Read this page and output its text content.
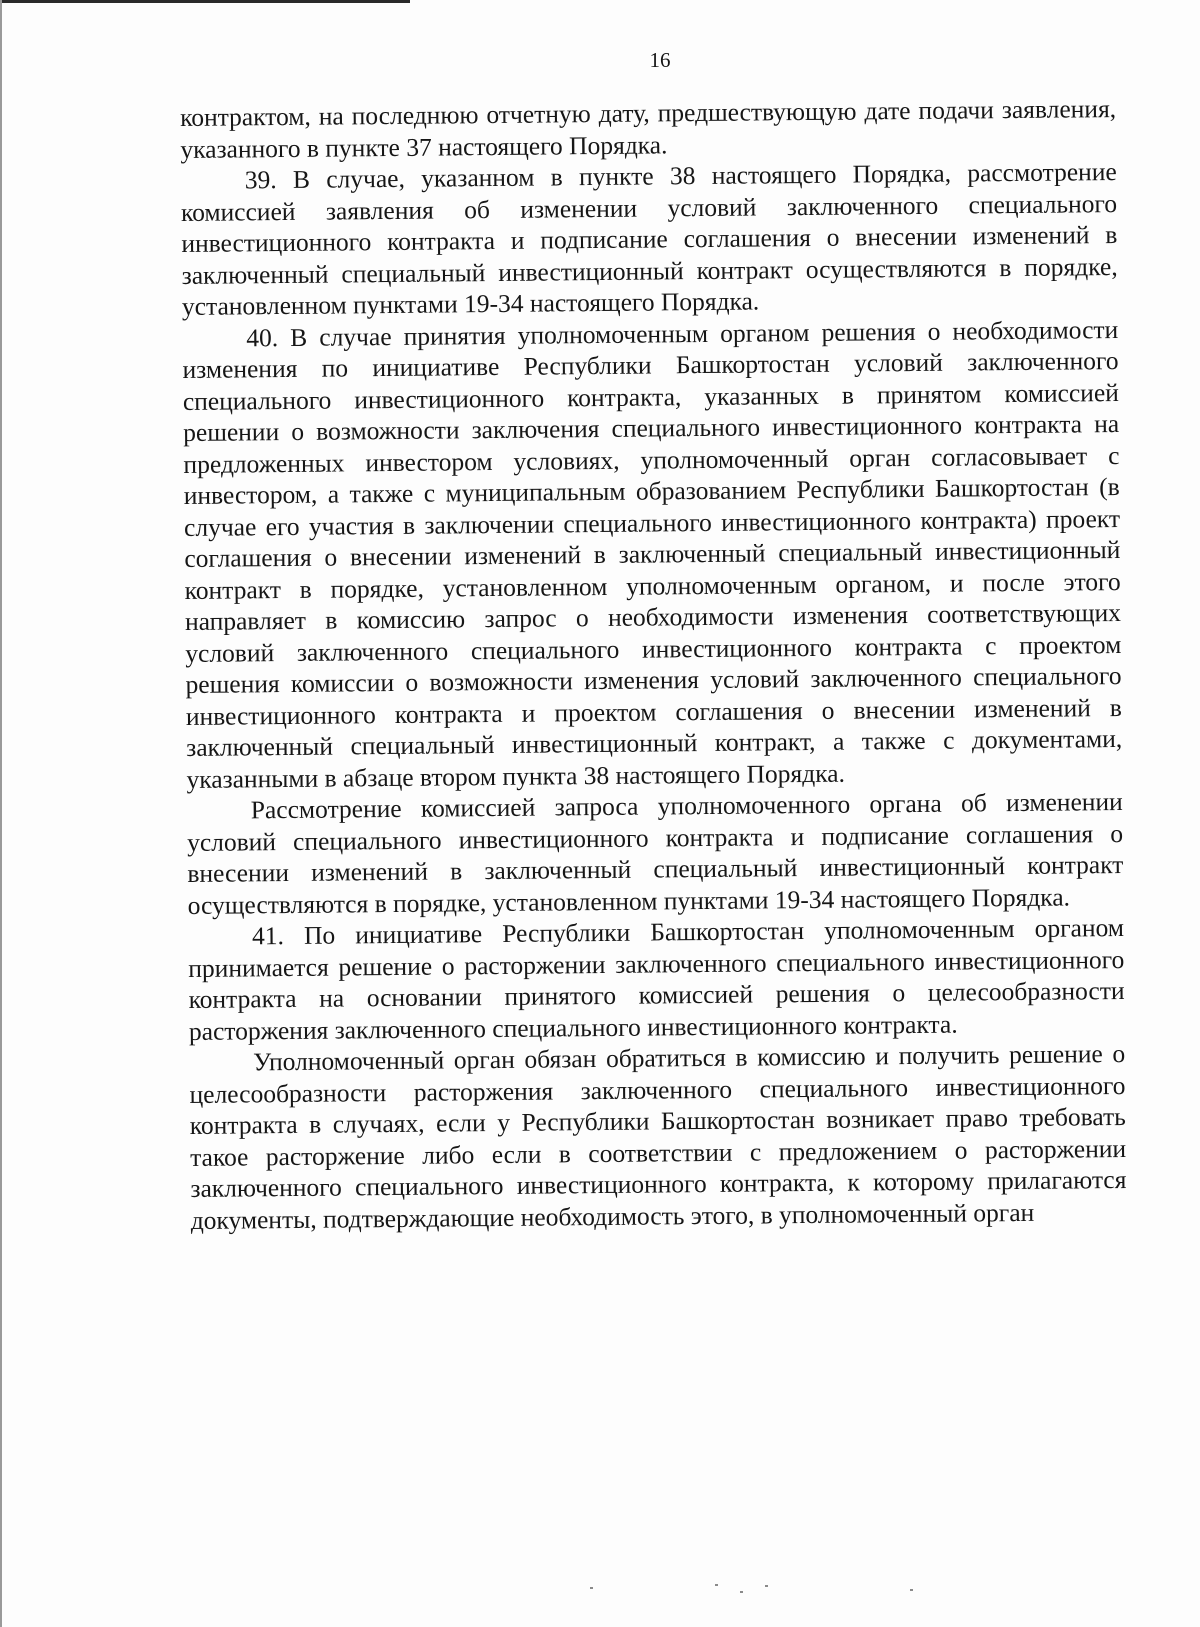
16

контрактом, на последнюю отчетную дату, предшествующую дате подачи заявления, указанного в пункте 37 настоящего Порядка.

39. В случае, указанном в пункте 38 настоящего Порядка, рассмотрение комиссией заявления об изменении условий заключенного специального инвестиционного контракта и подписание соглашения о внесении изменений в заключенный специальный инвестиционный контракт осуществляются в порядке, установленном пунктами 19-34 настоящего Порядка.

40. В случае принятия уполномоченным органом решения о необходимости изменения по инициативе Республики Башкортостан условий заключенного специального инвестиционного контракта, указанных в принятом комиссией решении о возможности заключения специального инвестиционного контракта на предложенных инвестором условиях, уполномоченный орган согласовывает с инвестором, а также с муниципальным образованием Республики Башкортостан (в случае его участия в заключении специального инвестиционного контракта) проект соглашения о внесении изменений в заключенный специальный инвестиционный контракт в порядке, установленном уполномоченным органом, и после этого направляет в комиссию запрос о необходимости изменения соответствующих условий заключенного специального инвестиционного контракта с проектом решения комиссии о возможности изменения условий заключенного специального инвестиционного контракта и проектом соглашения о внесении изменений в заключенный специальный инвестиционный контракт, а также с документами, указанными в абзаце втором пункта 38 настоящего Порядка.

Рассмотрение комиссией запроса уполномоченного органа об изменении условий специального инвестиционного контракта и подписание соглашения о внесении изменений в заключенный специальный инвестиционный контракт осуществляются в порядке, установленном пунктами 19-34 настоящего Порядка.

41. По инициативе Республики Башкортостан уполномоченным органом принимается решение о расторжении заключенного специального инвестиционного контракта на основании принятого комиссией решения о целесообразности расторжения заключенного специального инвестиционного контракта.

Уполномоченный орган обязан обратиться в комиссию и получить решение о целесообразности расторжения заключенного специального инвестиционного контракта в случаях, если у Республики Башкортостан возникает право требовать такое расторжение либо если в соответствии с предложением о расторжении заключенного специального инвестиционного контракта, к которому прилагаются документы, подтверждающие необходимость этого, в уполномоченный орган
